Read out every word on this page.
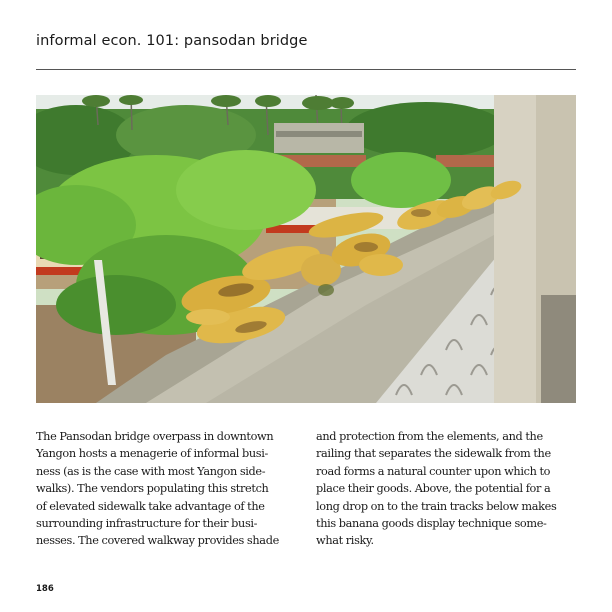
informal econ. 101: pansodan bridge
The Pansodan bridge overpass in downtown
Yangon hosts a menagerie of informal busi-
ness (as is the case with most Yangon side-
walks). The vendors populating this stretch
of elevated sidewalk take advantage of the
surrounding infrastructure for their busi-
nesses. The covered walkway provides shade
and protection from the elements, and the
railing that separates the sidewalk from the
road forms a natural counter upon which to
place their goods. Above, the potential for a
long drop on to the train tracks below makes
this banana goods display technique some-
what risky.
186
